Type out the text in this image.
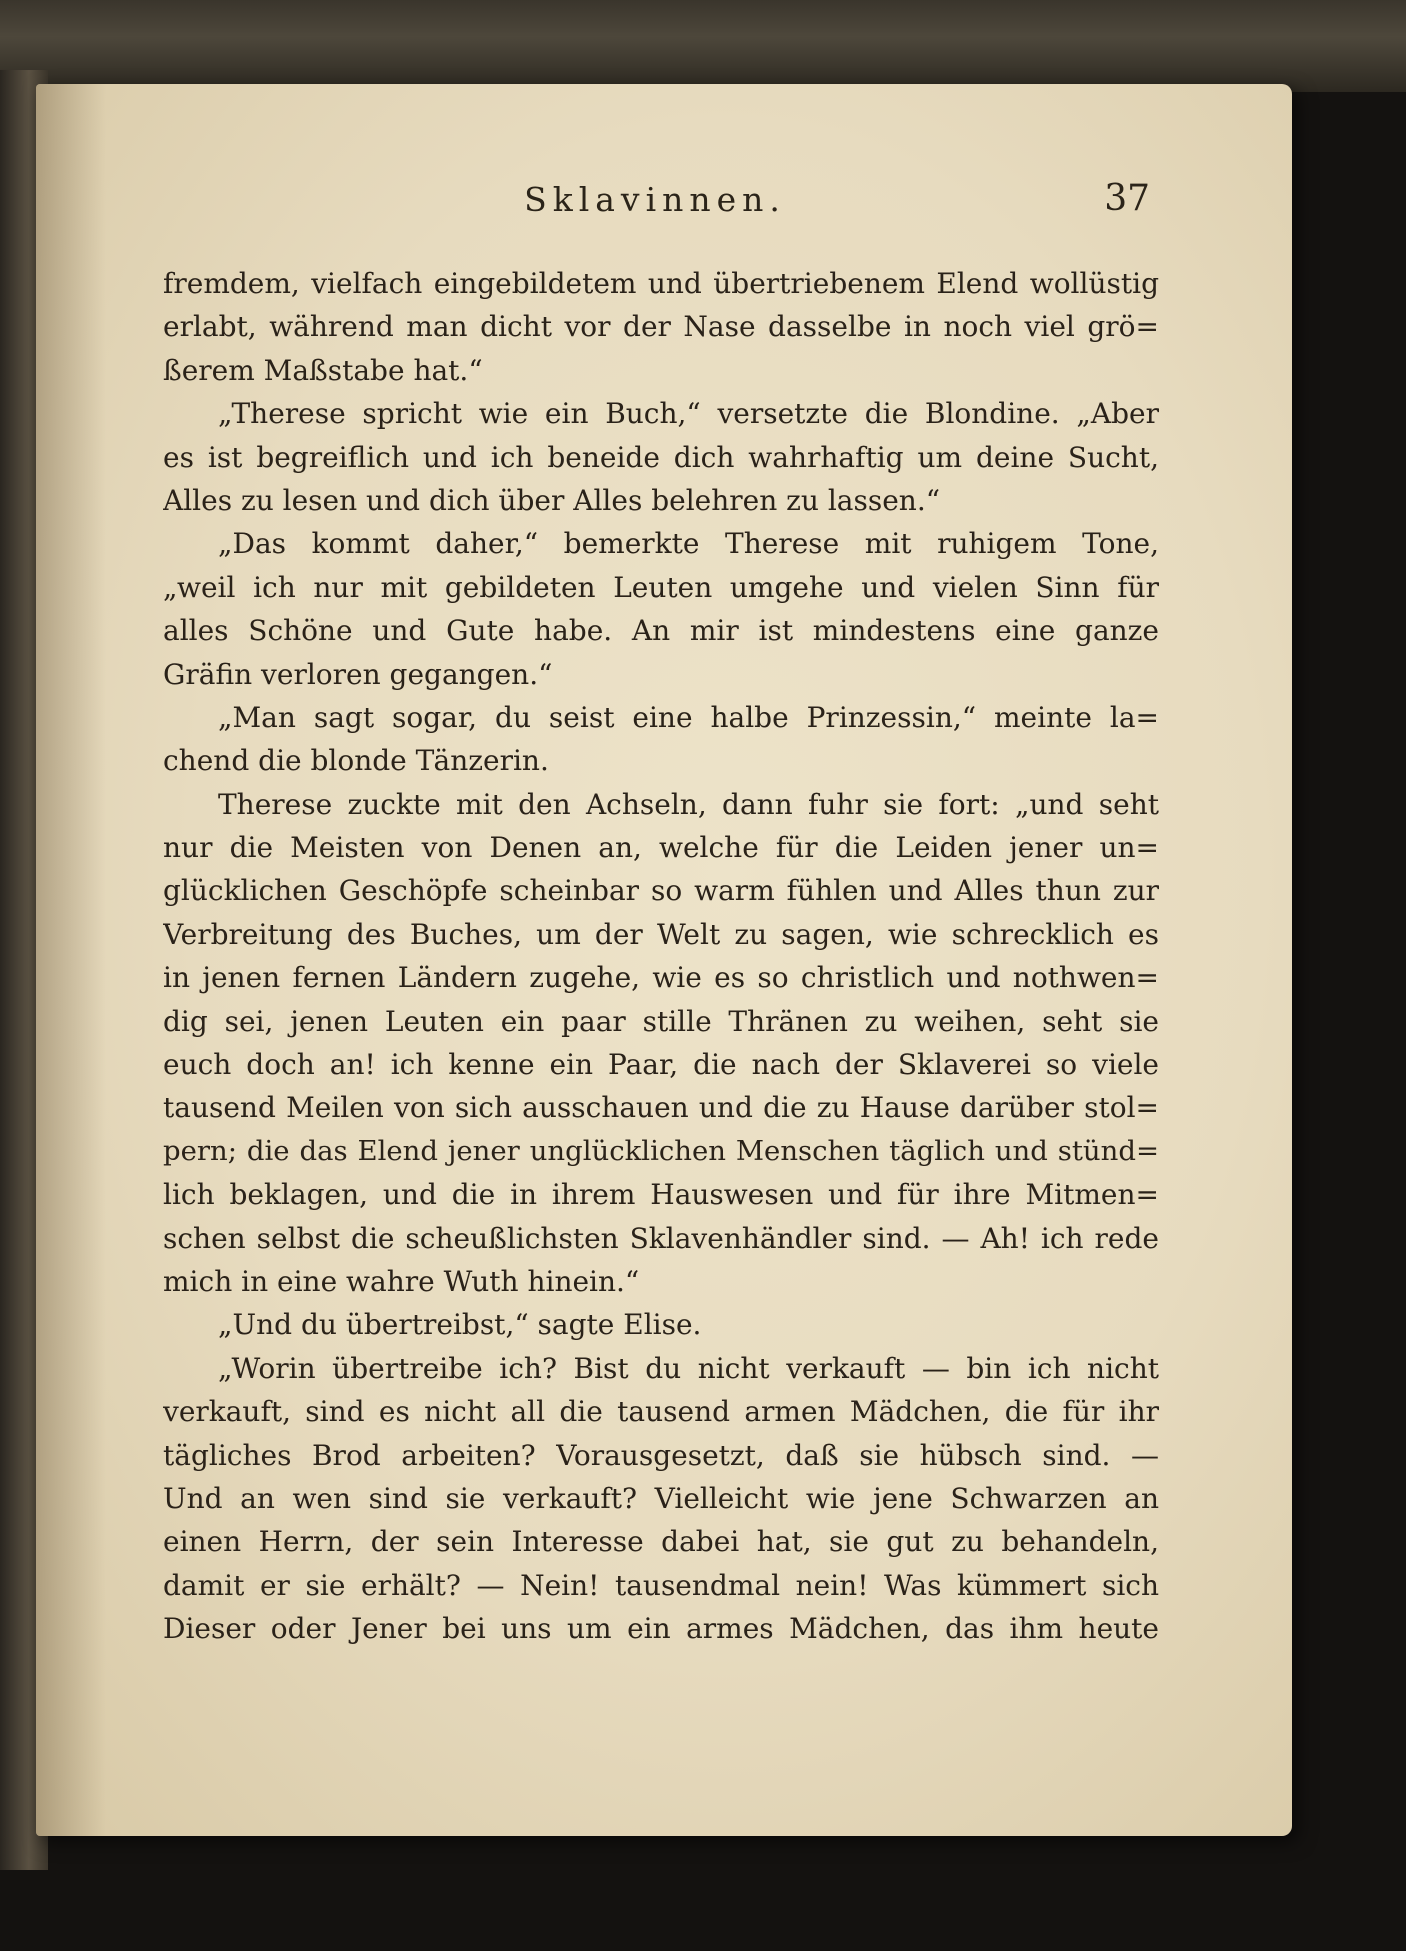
Sklavinnen.	37
fremdem, vielfach eingebildetem und übertriebenem Elend wollüstig
erlabt, während man dicht vor der Nase dasselbe in noch viel grö=
ßerem Maßstabe hat.“
„Therese spricht wie ein Buch,“ versetzte die Blondine. „Aber
es ist begreiflich und ich beneide dich wahrhaftig um deine Sucht,
Alles zu lesen und dich über Alles belehren zu lassen.“
„Das kommt daher,“ bemerkte Therese mit ruhigem Tone,
„weil ich nur mit gebildeten Leuten umgehe und vielen Sinn für
alles Schöne und Gute habe. An mir ist mindestens eine ganze
Gräfin verloren gegangen.“
„Man sagt sogar, du seist eine halbe Prinzessin,“ meinte la=
chend die blonde Tänzerin.
Therese zuckte mit den Achseln, dann fuhr sie fort: „und seht
nur die Meisten von Denen an, welche für die Leiden jener un=
glücklichen Geschöpfe scheinbar so warm fühlen und Alles thun zur
Verbreitung des Buches, um der Welt zu sagen, wie schrecklich es
in jenen fernen Ländern zugehe, wie es so christlich und nothwen=
dig sei, jenen Leuten ein paar stille Thränen zu weihen, seht sie
euch doch an! ich kenne ein Paar, die nach der Sklaverei so viele
tausend Meilen von sich ausschauen und die zu Hause darüber stol=
pern; die das Elend jener unglücklichen Menschen täglich und stünd=
lich beklagen, und die in ihrem Hauswesen und für ihre Mitmen=
schen selbst die scheußlichsten Sklavenhändler sind. — Ah! ich rede
mich in eine wahre Wuth hinein.“
„Und du übertreibst,“ sagte Elise.
„Worin übertreibe ich? Bist du nicht verkauft — bin ich nicht
verkauft, sind es nicht all die tausend armen Mädchen, die für ihr
tägliches Brod arbeiten? Vorausgesetzt, daß sie hübsch sind. —
Und an wen sind sie verkauft? Vielleicht wie jene Schwarzen an
einen Herrn, der sein Interesse dabei hat, sie gut zu behandeln,
damit er sie erhält? — Nein! tausendmal nein! Was kümmert sich
Dieser oder Jener bei uns um ein armes Mädchen, das ihm heute
